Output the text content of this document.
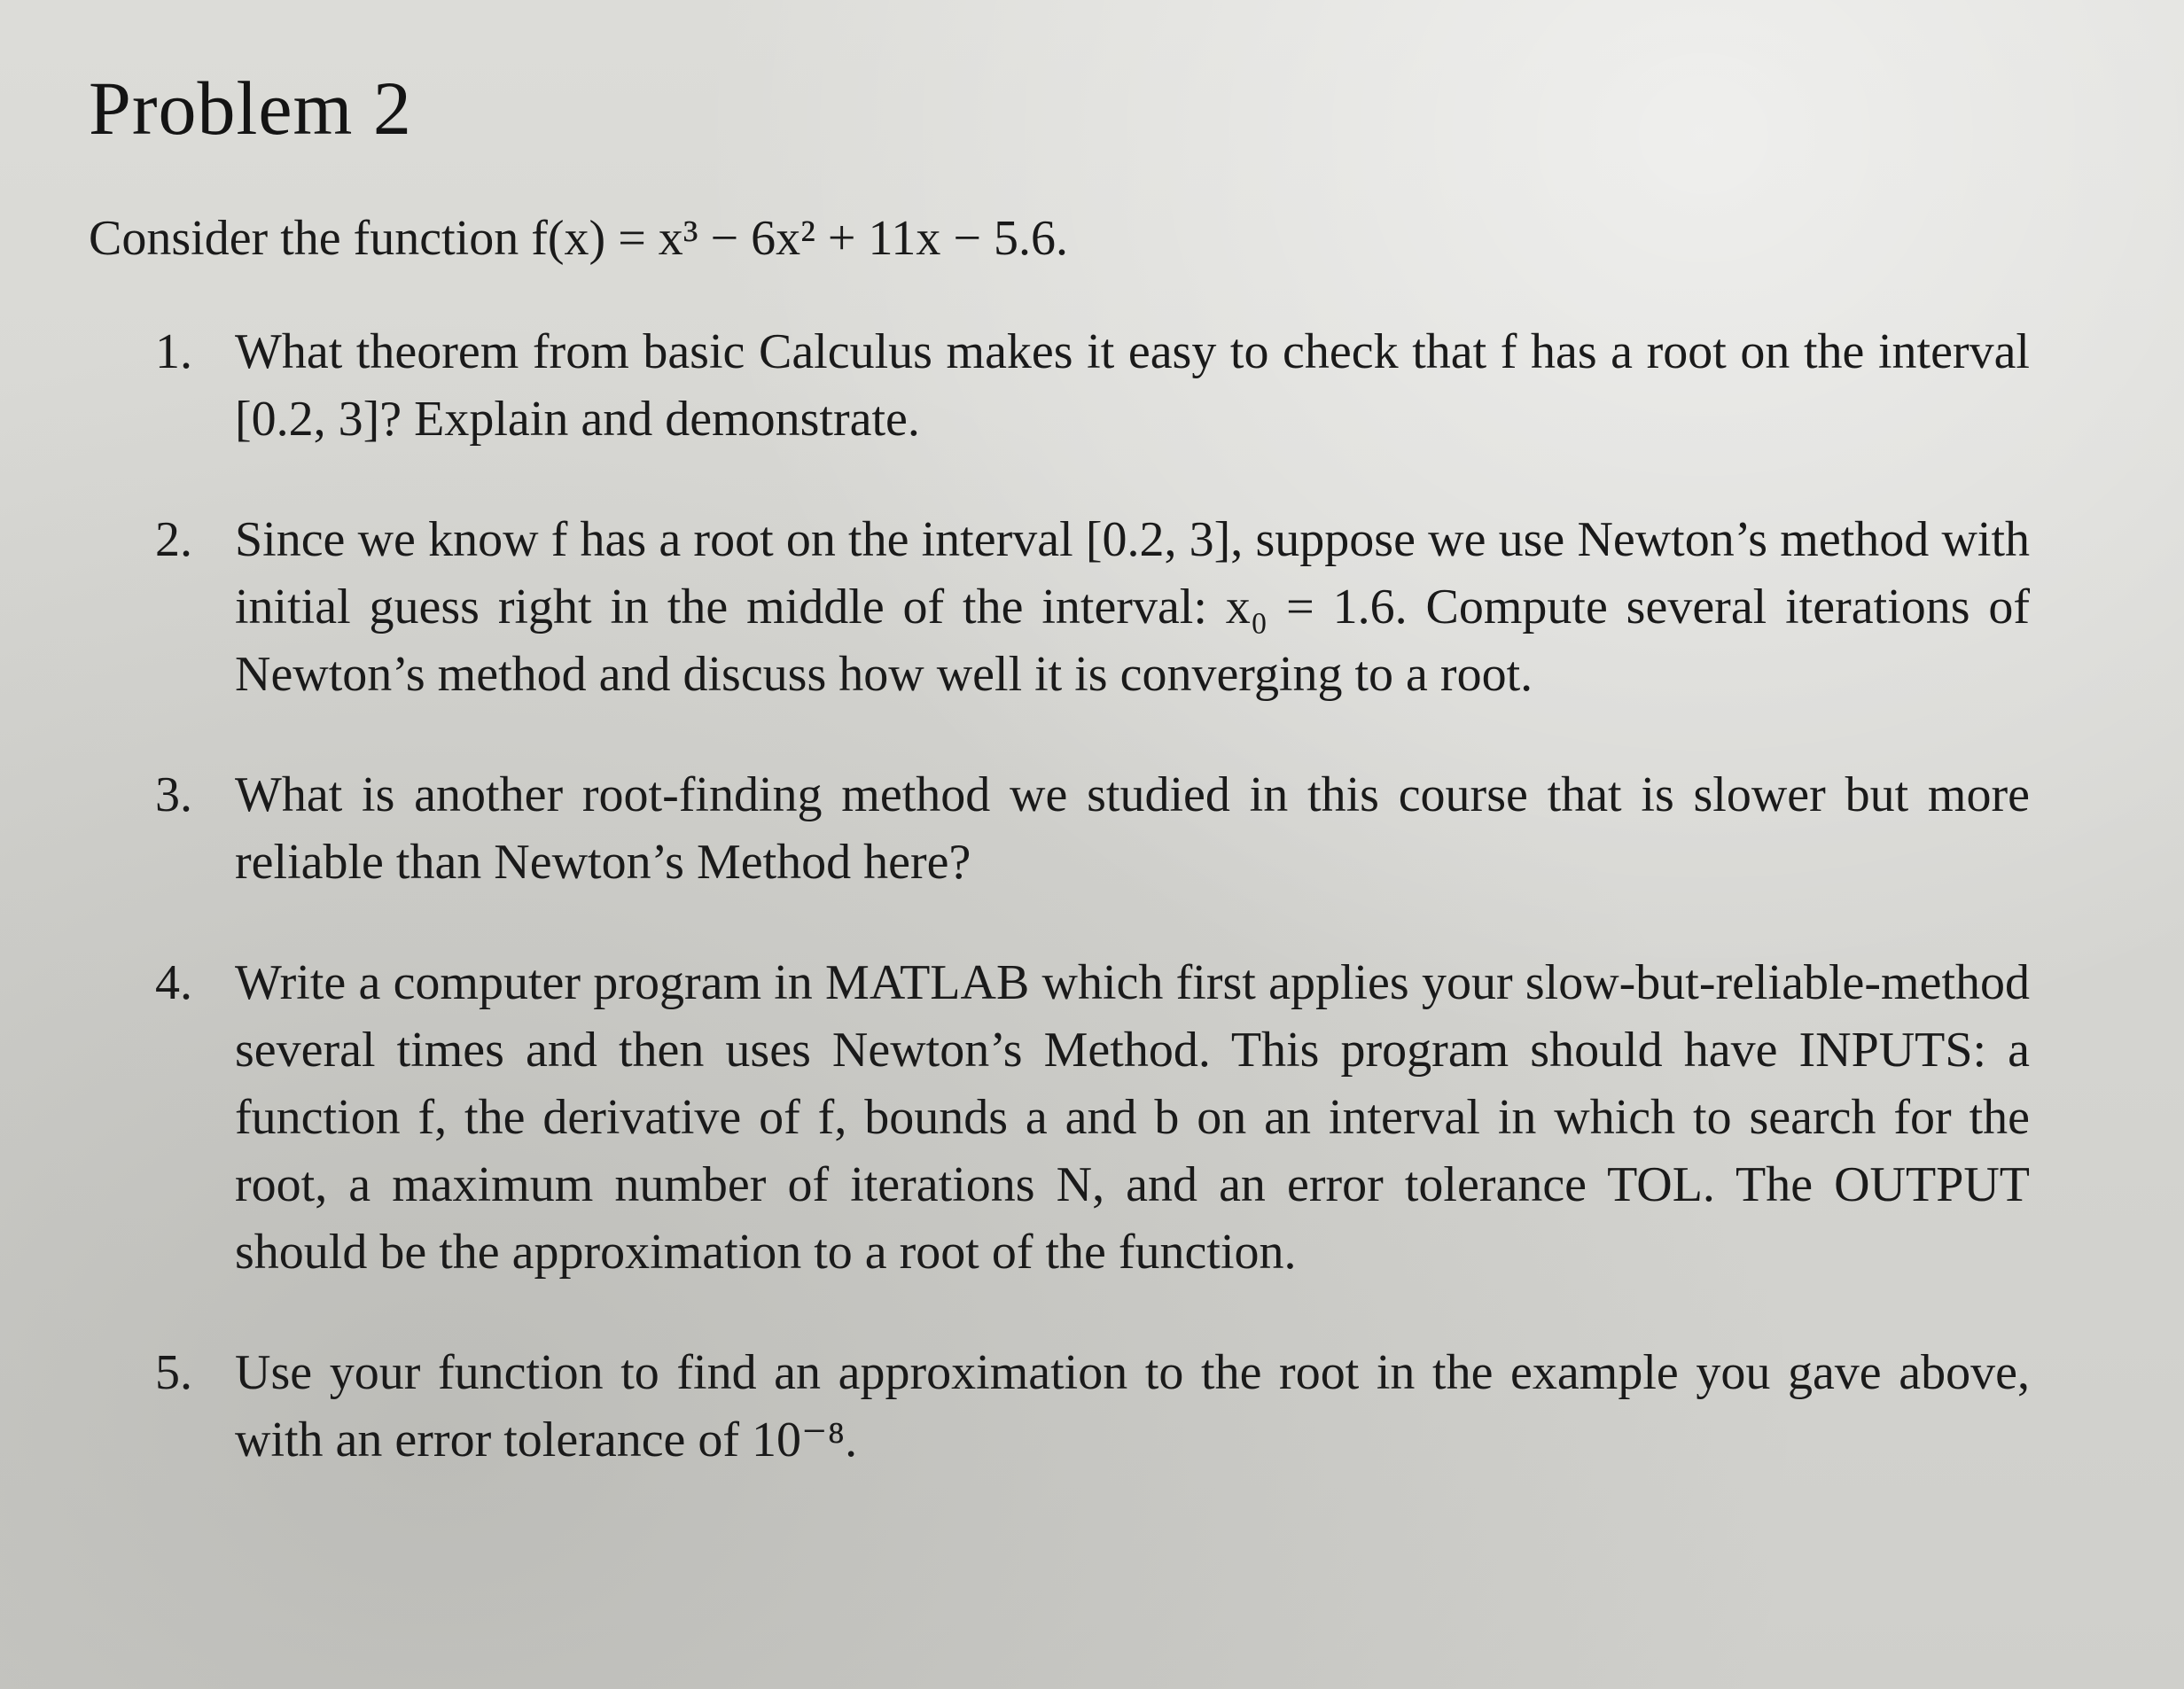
Problem 2

Consider the function f(x) = x³ − 6x² + 11x − 5.6.

1. What theorem from basic Calculus makes it easy to check that f has a root on the interval [0.2, 3]? Explain and demonstrate.
2. Since we know f has a root on the interval [0.2, 3], suppose we use Newton’s method with initial guess right in the middle of the interval: x₀ = 1.6. Compute several iterations of Newton’s method and discuss how well it is converging to a root.
3. What is another root-finding method we studied in this course that is slower but more reliable than Newton’s Method here?
4. Write a computer program in MATLAB which first applies your slow-but-reliable-method several times and then uses Newton’s Method. This program should have INPUTS: a function f, the derivative of f, bounds a and b on an interval in which to search for the root, a maximum number of iterations N, and an error tolerance TOL. The OUTPUT should be the approximation to a root of the function.
5. Use your function to find an approximation to the root in the example you gave above, with an error tolerance of 10⁻⁸.
